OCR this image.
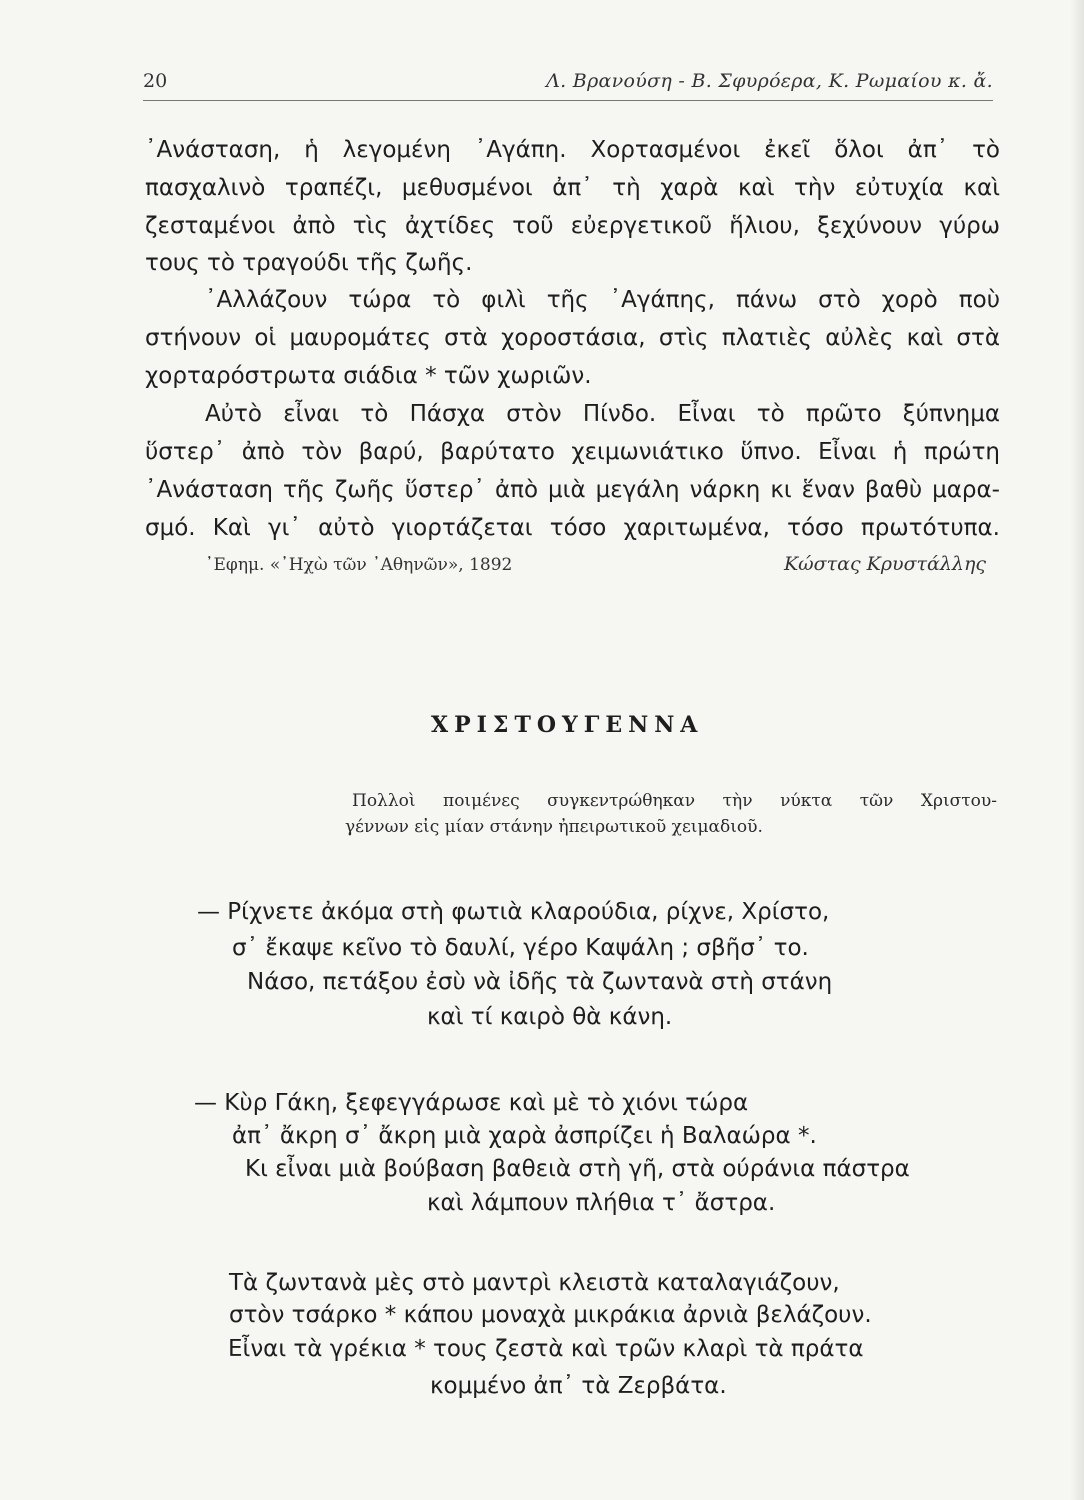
20	Λ. Βρανούση - Β. Σφυρόερα, Κ. Ρωμαίου κ. ἄ.
᾿Ανάσταση, ἡ λεγομένη ᾿Αγάπη. Χορτασμένοι ἐκεῖ ὅλοι ἀπ᾿ τὸ
πασχαλινὸ τραπέζι, μεθυσμένοι ἀπ᾿ τὴ χαρὰ καὶ τὴν εὐτυχία καὶ
ζεσταμένοι ἀπὸ τὶς ἀχτίδες τοῦ εὐεργετικοῦ ἥλιου, ξεχύνουν γύρω
τους τὸ τραγούδι τῆς ζωῆς.
᾿Αλλάζουν τώρα τὸ φιλὶ τῆς ᾿Αγάπης, πάνω στὸ χορὸ ποὺ
στήνουν οἱ μαυρομάτες στὰ χοροστάσια, στὶς πλατιὲς αὐλὲς καὶ στὰ
χορταρόστρωτα σιάδια * τῶν χωριῶν.
Αὐτὸ εἶναι τὸ Πάσχα στὸν Πίνδο. Εἶναι τὸ πρῶτο ξύπνημα
ὕστερ᾿ ἀπὸ τὸν βαρύ, βαρύτατο χειμωνιάτικο ὕπνο. Εἶναι ἡ πρώτη
᾿Ανάσταση τῆς ζωῆς ὕστερ᾿ ἀπὸ μιὰ μεγάλη νάρκη κι ἕναν βαθὺ μαρα-
σμό. Καὶ γι᾿ αὐτὸ γιορτάζεται τόσο χαριτωμένα, τόσο πρωτότυπα.
᾿Εφημ. «᾿Ηχὼ τῶν ᾿Αθηνῶν», 1892	Κώστας Κρυστάλλης
ΧΡΙΣΤΟΥΓΕΝΝΑ
Πολλοὶ ποιμένες συγκεντρώθηκαν τὴν νύκτα τῶν Χριστου-
γέννων εἰς μίαν στάνην ἠπειρωτικοῦ χειμαδιοῦ.
— Ρίχνετε ἀκόμα στὴ φωτιὰ κλαρούδια, ρίχνε, Χρίστο,
σ᾿ ἔκαψε κεῖνο τὸ δαυλί, γέρο Καψάλη ; σβῆσ᾿ το.
Νάσο, πετάξου ἐσὺ νὰ ἰδῆς τὰ ζωντανὰ στὴ στάνη
καὶ τί καιρὸ θὰ κάνη.
— Κὺρ Γάκη, ξεφεγγάρωσε καὶ μὲ τὸ χιόνι τώρα
ἀπ᾿ ἄκρη σ᾿ ἄκρη μιὰ χαρὰ ἀσπρίζει ἡ Βαλαώρα *.
Κι εἶναι μιὰ βούβαση βαθειὰ στὴ γῆ, στὰ ούράνια πάστρα
καὶ λάμπουν πλήθια τ᾿ ἄστρα.
Τὰ ζωντανὰ μὲς στὸ μαντρὶ κλειστὰ καταλαγιάζουν,
στὸν τσάρκο * κάπου μοναχὰ μικράκια ἀρνιὰ βελάζουν.
Εἶναι τὰ γρέκια * τους ζεστὰ καὶ τρῶν κλαρὶ τὰ πράτα
κομμένο ἀπ᾿ τὰ Ζερβάτα.
